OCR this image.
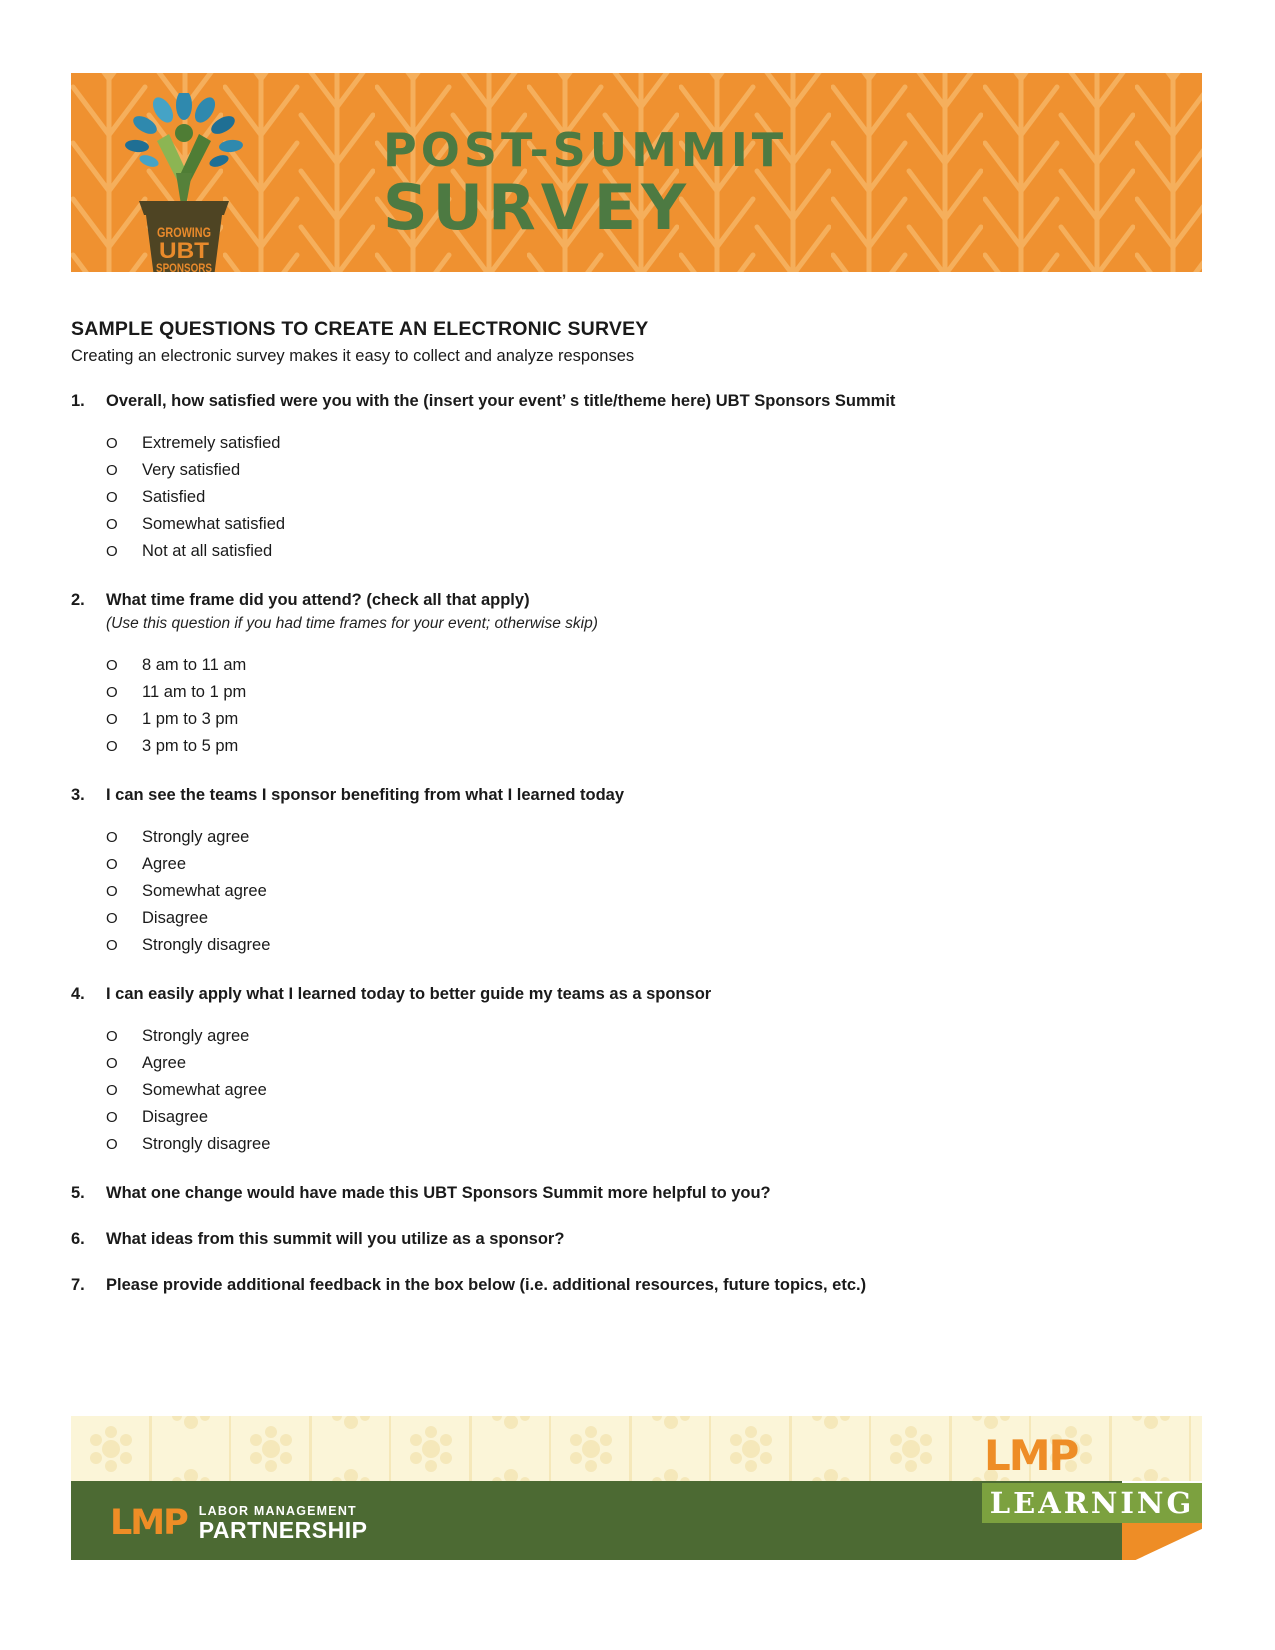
GROWING
UBT
SPONSORS
POST-SUMMIT
SURVEY
SAMPLE QUESTIONS TO CREATE AN ELECTRONIC SURVEY
Creating an electronic survey makes it easy to collect and analyze responses
1.	Overall, how satisfied were you with the (insert your event’ s title/theme here) UBT Sponsors Summit
O	Extremely satisfied
O	Very satisfied
O	Satisfied
O	Somewhat satisfied
O	Not at all satisfied
2.	What time frame did you attend? (check all that apply)
(Use this question if you had time frames for your event; otherwise skip)
O	8 am to 11 am
O	11 am to 1 pm
O	1 pm to 3 pm
O	3 pm to 5 pm
3.	I can see the teams I sponsor benefiting from what I learned today
O	Strongly agree
O	Agree
O	Somewhat agree
O	Disagree
O	Strongly disagree
4.	I can easily apply what I learned today to better guide my teams as a sponsor
O	Strongly agree
O	Agree
O	Somewhat agree
O	Disagree
O	Strongly disagree
5.	What one change would have made this UBT Sponsors Summit more helpful to you?
6.	What ideas from this summit will you utilize as a sponsor?
7.	Please provide additional feedback in the box below (i.e. additional resources, future topics, etc.)
LMP
LEARNING
LMP LABOR MANAGEMENT
PARTNERSHIP
